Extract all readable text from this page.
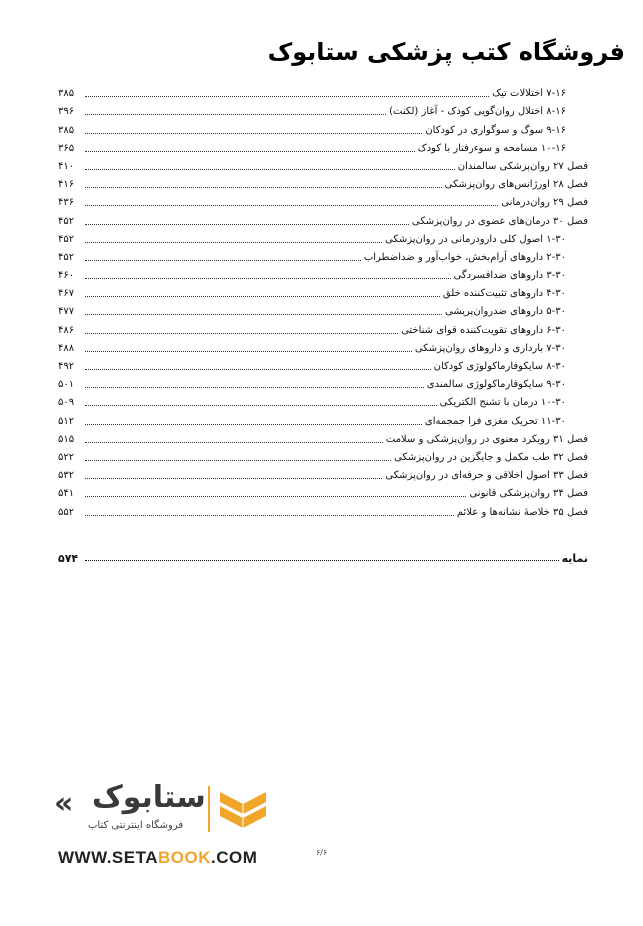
فروشگاه کتب پزشکی ستابوک
۷-۱۶ اختلالات تیک
۳۸۵
۸-۱۶ اختلال روان‌گویی کودک - آغاز (لکنت)
۳۹۶
۹-۱۶ سوگ و سوگواری در کودکان
۳۸۵
۱۰-۱۶ مسامحه و سوءرفتار با کودک
۳۶۵
فصل ۲۷ روان‌پزشکی سالمندان
۴۱۰
فصل ۲۸ اورژانس‌های روان‌پزشکی
۴۱۶
فصل ۲۹ روان‌درمانی
۴۳۶
فصل ۳۰ درمان‌های عضوی در روان‌پزشکی
۴۵۲
۱-۳۰ اصول کلی دارودرمانی در روان‌پزشکی
۴۵۲
۲-۳۰ داروهای آرام‌بخش، خواب‌آور و ضداضطراب
۴۵۲
۳-۳۰ داروهای ضدافسردگی
۴۶۰
۴-۳۰ داروهای تثبیت‌کننده خلق
۴۶۷
۵-۳۰ داروهای ضدروان‌پریشی
۴۷۷
۶-۳۰ داروهای تقویت‌کننده قوای شناختی
۴۸۶
۷-۳۰ بارداری و داروهای روان‌پزشکی
۴۸۸
۸-۳۰ سایکوفارماکولوژی کودکان
۴۹۲
۹-۳۰ سایکوفارماکولوژی سالمندی
۵۰۱
۱۰-۳۰ درمان با تشنج الکتریکی
۵۰۹
۱۱-۳۰ تحریک مغزی فرا جمجمه‌ای
۵۱۲
فصل ۳۱ رویکرد معنوی در روان‌پزشکی و سلامت
۵۱۵
فصل ۳۲ طب مکمل و جایگزین در روان‌پزشکی
۵۲۲
فصل ۳۳ اصول اخلاقی و حرفه‌ای در روان‌پزشکی
۵۳۲
فصل ۳۴ روان‌پزشکی قانونی
۵۴۱
فصل ۳۵ خلاصهٔ نشانه‌ها و علائم
۵۵۲
نمایه
۵۷۴
« ستابوک
فروشگاه اینترنتی کتاب
WWW.SETABOOK.COM	۶/۶
